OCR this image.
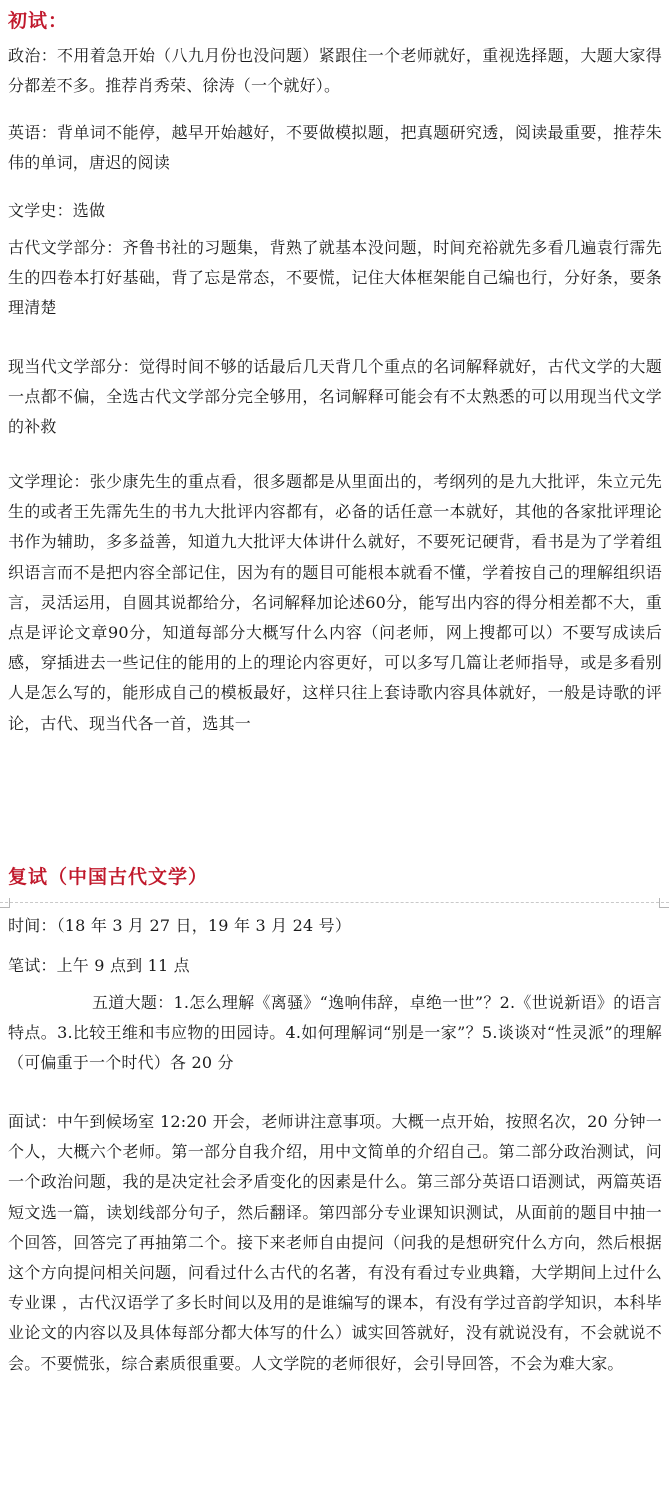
初试：

政治：不用着急开始（八九月份也没问题）紧跟住一个老师就好，重视选择题，大题大家得分都差不多。推荐肖秀荣、徐涛（一个就好）。

英语：背单词不能停，越早开始越好，不要做模拟题，把真题研究透，阅读最重要，推荐朱伟的单词，唐迟的阅读

文学史：选做

古代文学部分：齐鲁书社的习题集，背熟了就基本没问题，时间充裕就先多看几遍袁行霈先生的四卷本打好基础，背了忘是常态，不要慌，记住大体框架能自己编也行，分好条，要条理清楚

现当代文学部分：觉得时间不够的话最后几天背几个重点的名词解释就好，古代文学的大题一点都不偏，全选古代文学部分完全够用，名词解释可能会有不太熟悉的可以用现当代文学的补救

文学理论：张少康先生的重点看，很多题都是从里面出的，考纲列的是九大批评，朱立元先生的或者王先霈先生的书九大批评内容都有，必备的话任意一本就好，其他的各家批评理论书作为辅助，多多益善，知道九大批评大体讲什么就好，不要死记硬背，看书是为了学着组织语言而不是把内容全部记住，因为有的题目可能根本就看不懂，学着按自己的理解组织语言，灵活运用，自圆其说都给分，名词解释加论述60分，能写出内容的得分相差都不大，重点是评论文章90分，知道每部分大概写什么内容（问老师，网上搜都可以）不要写成读后感，穿插进去一些记住的能用的上的理论内容更好，可以多写几篇让老师指导，或是多看别人是怎么写的，能形成自己的模板最好，这样只往上套诗歌内容具体就好，一般是诗歌的评论，古代、现当代各一首，选其一

复试（中国古代文学）

时间：（18 年 3 月 27 日，19 年 3 月 24 号）

笔试：上午 9 点到 11 点

五道大题：1.怎么理解《离骚》“逸响伟辞，卓绝一世”？2.《世说新语》的语言特点。3.比较王维和韦应物的田园诗。4.如何理解词“别是一家”？5.谈谈对“性灵派”的理解（可偏重于一个时代）各 20 分

面试：中午到候场室 12:20 开会，老师讲注意事项。大概一点开始，按照名次，20 分钟一个人，大概六个老师。第一部分自我介绍，用中文简单的介绍自己。第二部分政治测试，问一个政治问题，我的是决定社会矛盾变化的因素是什么。第三部分英语口语测试，两篇英语短文选一篇，读划线部分句子，然后翻译。第四部分专业课知识测试，从面前的题目中抽一个回答，回答完了再抽第二个。接下来老师自由提问（问我的是想研究什么方向，然后根据这个方向提问相关问题，问看过什么古代的名著，有没有看过专业典籍，大学期间上过什么专业课 ，古代汉语学了多长时间以及用的是谁编写的课本，有没有学过音韵学知识，本科毕业论文的内容以及具体每部分都大体写的什么）诚实回答就好，没有就说没有，不会就说不会。不要慌张，综合素质很重要。人文学院的老师很好，会引导回答，不会为难大家。
